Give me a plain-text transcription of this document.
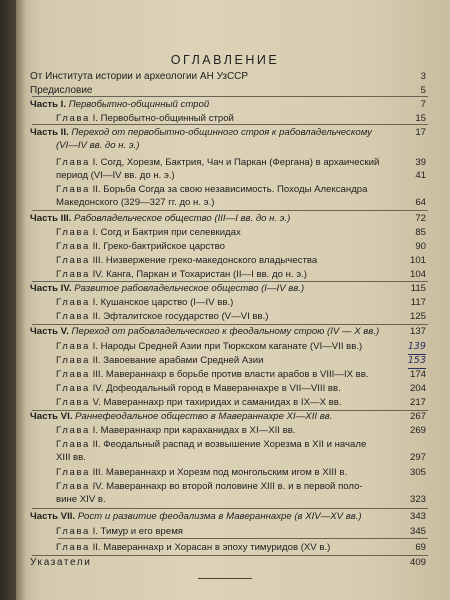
ОГЛАВЛЕНИЕ
От Института истории и археологии АН УзССР	3
Предисловие	5
Часть I. Первобытно-общинный строй	7
Глава I. Первобытно-общинный строй	15
Часть II. Переход от первобытно-общинного строя к рабовладельческому	17
(VI—IV вв. до н. э.)
Глава I. Согд, Хорезм, Бактрия, Чач и Паркан (Фергана) в архаический	39
период (VI—IV вв. до н. э.)	41
Глава II. Борьба Согда за свою независимость. Походы Александра
Македонского (329—327 гг. до н. э.)	64
Часть III. Рабовладельческое общество (III—I вв. до н. э.)	72
Глава I. Согд и Бактрия при селевкидах	85
Глава II. Греко-бактрийское царство	90
Глава III. Низвержение греко-македонского владычества	101
Глава IV. Канга, Паркан и Тохаристан (II—I вв. до н. э.)	104
Часть IV. Развитое рабовладельческое общество (I—IV вв.)	115
Глава I. Кушанское царство (I—IV вв.)	117
Глава II. Эфталитское государство (V—VI вв.)	125
Часть V. Переход от рабовладельческого к феодальному строю (IV — X вв.)	137
Глава I. Народы Средней Азии при Тюркском каганате (VI—VII вв.)	139
Глава II. Завоевание арабами Средней Азии	153
Глава III. Мавераннахр в борьбе против власти арабов в VIII—IX вв.	174
Глава IV. Дофеодальный город в Мавераннахре в VII—VIII вв.	204
Глава V. Мавераннахр при тахиридах и саманидах в IX—X вв.	217
Часть VI. Раннефеодальное общество в Мавераннахре XI—XII вв.	267
Глава I. Мавераннахр при караханидах в XI—XII вв.	269
Глава II. Феодальный распад и возвышение Хорезма в XII и начале
XIII вв.	297
Глава III. Мавераннахр и Хорезм под монгольским игом в XIII в.	305
Глава IV. Мавераннахр во второй половине XIII в. и в первой поло-
вине XIV в.	323
Часть VII. Рост и развитие феодализма в Мавераннахре (в XIV—XV вв.)	343
Глава I. Тимур и его время	345
Глава II. Мавераннахр и Хорасан в эпоху тимуридов (XV в.)	69
Указатели	409
